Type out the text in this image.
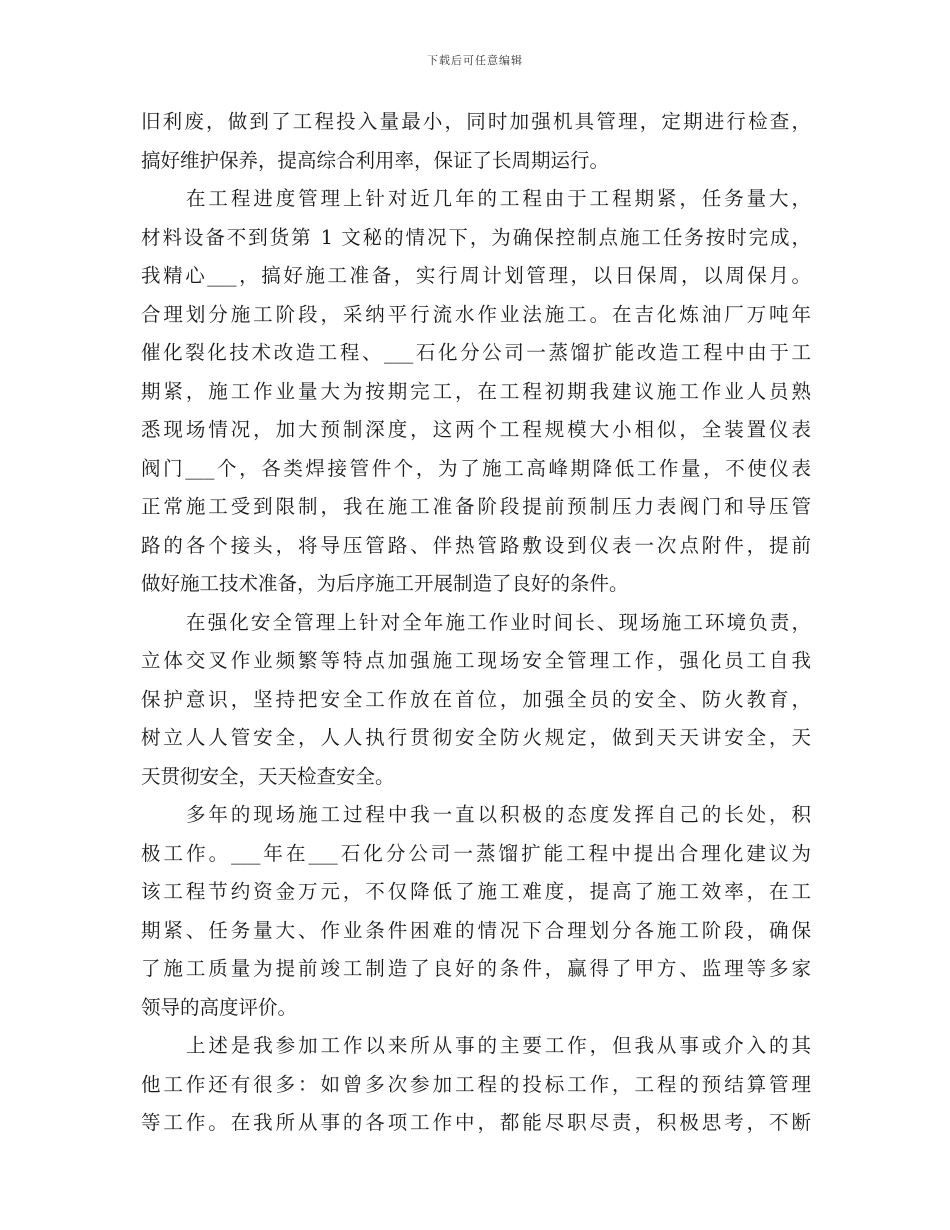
下载后可任意编辑
旧利废，做到了工程投入量最小，同时加强机具管理，定期进行检查，
搞好维护保养，提高综合利用率，保证了长周期运行。
在工程进度管理上针对近几年的工程由于工程期紧，任务量大，
材料设备不到货第 1 文秘的情况下，为确保控制点施工任务按时完成，
我精心___，搞好施工准备，实行周计划管理，以日保周，以周保月。
合理划分施工阶段，采纳平行流水作业法施工。在吉化炼油厂万吨年
催化裂化技术改造工程、___石化分公司一蒸馏扩能改造工程中由于工
期紧，施工作业量大为按期完工，在工程初期我建议施工作业人员熟
悉现场情况，加大预制深度，这两个工程规模大小相似，全装置仪表
阀门___个，各类焊接管件个，为了施工高峰期降低工作量，不使仪表
正常施工受到限制，我在施工准备阶段提前预制压力表阀门和导压管
路的各个接头，将导压管路、伴热管路敷设到仪表一次点附件，提前
做好施工技术准备，为后序施工开展制造了良好的条件。
在强化安全管理上针对全年施工作业时间长、现场施工环境负责，
立体交叉作业频繁等特点加强施工现场安全管理工作，强化员工自我
保护意识，坚持把安全工作放在首位，加强全员的安全、防火教育，
树立人人管安全，人人执行贯彻安全防火规定，做到天天讲安全，天
天贯彻安全，天天检查安全。
多年的现场施工过程中我一直以积极的态度发挥自己的长处，积
极工作。___年在___石化分公司一蒸馏扩能工程中提出合理化建议为
该工程节约资金万元，不仅降低了施工难度，提高了施工效率，在工
期紧、任务量大、作业条件困难的情况下合理划分各施工阶段，确保
了施工质量为提前竣工制造了良好的条件，赢得了甲方、监理等多家
领导的高度评价。
上述是我参加工作以来所从事的主要工作，但我从事或介入的其
他工作还有很多：如曾多次参加工程的投标工作，工程的预结算管理
等工作。在我所从事的各项工作中，都能尽职尽责，积极思考，不断
